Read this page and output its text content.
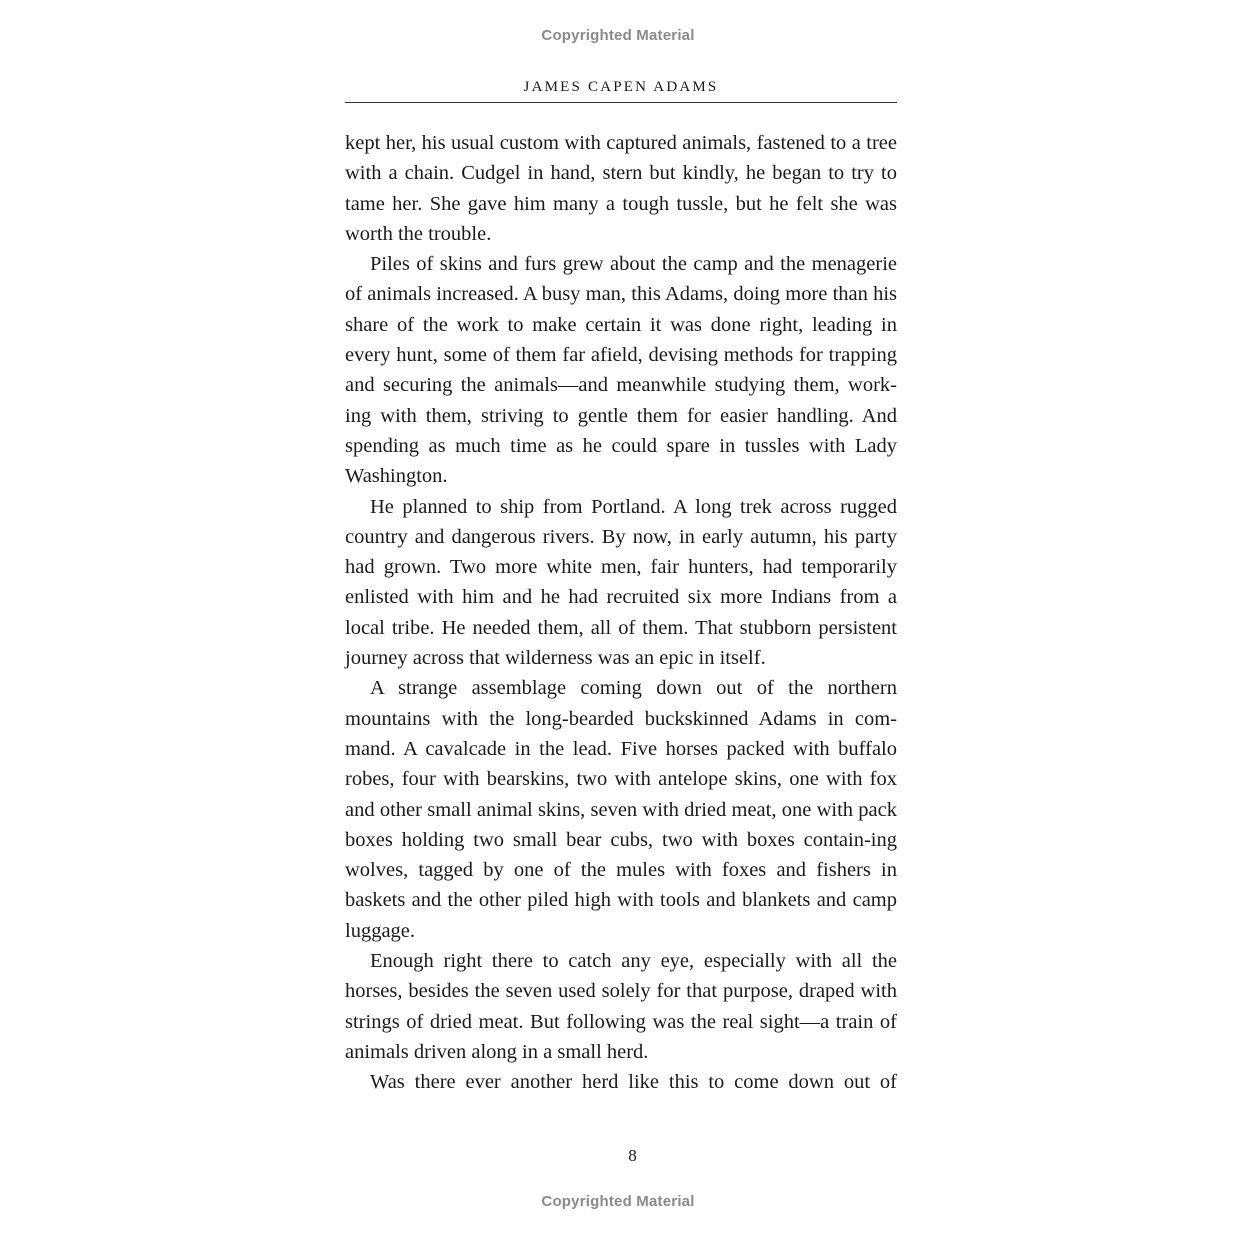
Copyrighted Material
JAMES CAPEN ADAMS

kept her, his usual custom with captured animals, fastened to a tree with a chain. Cudgel in hand, stern but kindly, he began to try to tame her. She gave him many a tough tussle, but he felt she was worth the trouble.

Piles of skins and furs grew about the camp and the menagerie of animals increased. A busy man, this Adams, doing more than his share of the work to make certain it was done right, leading in every hunt, some of them far afield, devising methods for trapping and securing the animals—and meanwhile studying them, work-ing with them, striving to gentle them for easier handling. And spending as much time as he could spare in tussles with Lady Washington.

He planned to ship from Portland. A long trek across rugged country and dangerous rivers. By now, in early autumn, his party had grown. Two more white men, fair hunters, had temporarily enlisted with him and he had recruited six more Indians from a local tribe. He needed them, all of them. That stubborn persistent journey across that wilderness was an epic in itself.

A strange assemblage coming down out of the northern mountains with the long-bearded buckskinned Adams in com-mand. A cavalcade in the lead. Five horses packed with buffalo robes, four with bearskins, two with antelope skins, one with fox and other small animal skins, seven with dried meat, one with pack boxes holding two small bear cubs, two with boxes contain-ing wolves, tagged by one of the mules with foxes and fishers in baskets and the other piled high with tools and blankets and camp luggage.

Enough right there to catch any eye, especially with all the horses, besides the seven used solely for that purpose, draped with strings of dried meat. But following was the real sight—a train of animals driven along in a small herd.

Was there ever another herd like this to come down out of

8
Copyrighted Material
